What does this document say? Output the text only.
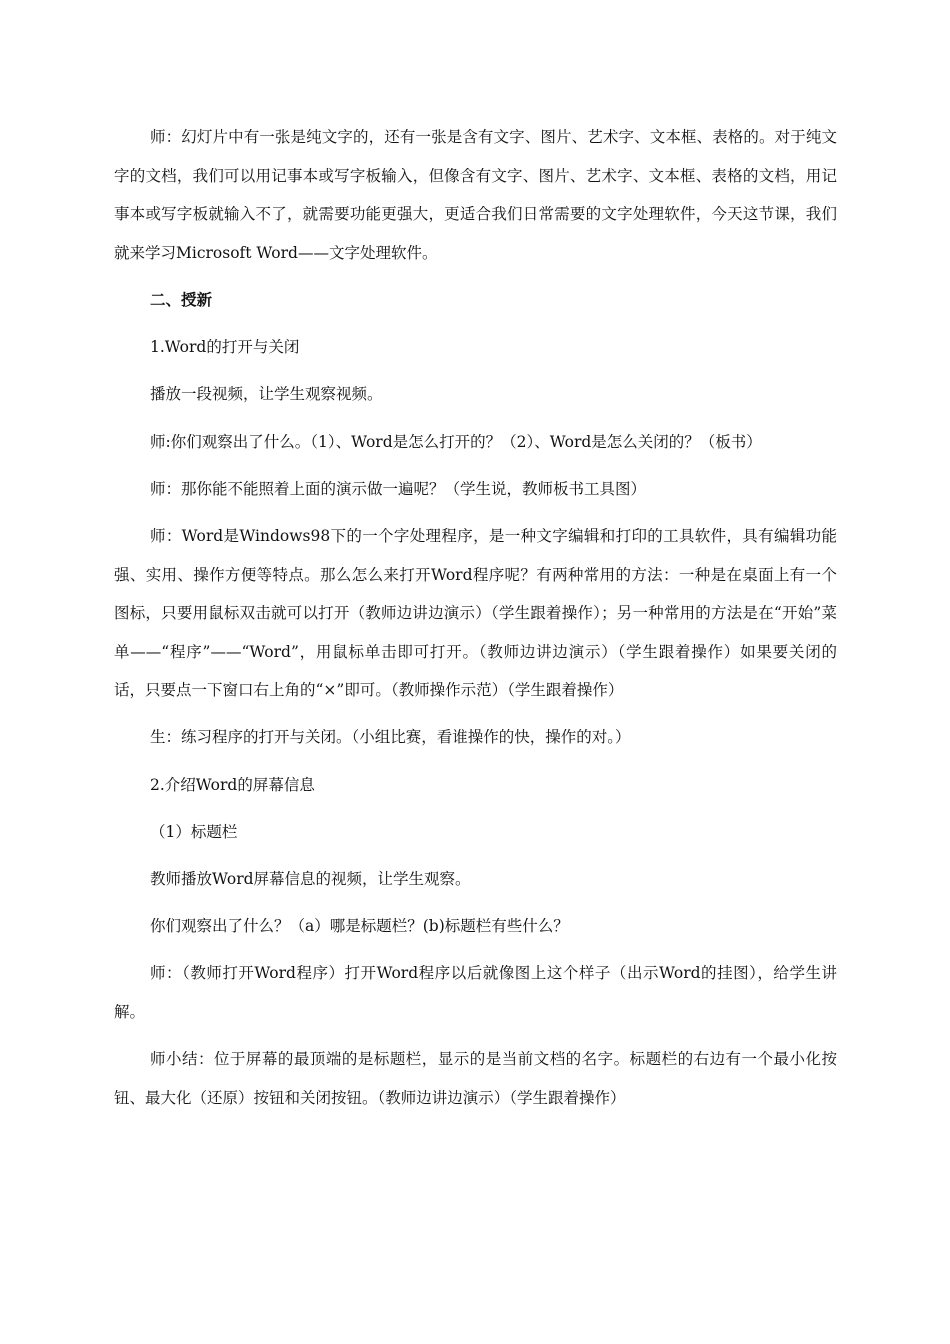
师：幻灯片中有一张是纯文字的，还有一张是含有文字、图片、艺术字、文本框、表格的。对于纯文字的文档，我们可以用记事本或写字板输入，但像含有文字、图片、艺术字、文本框、表格的文档，用记事本或写字板就输入不了，就需要功能更强大，更适合我们日常需要的文字处理软件，今天这节课，我们就来学习Microsoft Word——文字处理软件。

二、授新

1.Word的打开与关闭

播放一段视频，让学生观察视频。

师:你们观察出了什么。（1）、Word是怎么打开的？（2）、Word是怎么关闭的？（板书）

师：那你能不能照着上面的演示做一遍呢？（学生说，教师板书工具图）

师：Word是Windows98下的一个字处理程序，是一种文字编辑和打印的工具软件，具有编辑功能强、实用、操作方便等特点。那么怎么来打开Word程序呢？有两种常用的方法：一种是在桌面上有一个图标，只要用鼠标双击就可以打开（教师边讲边演示）（学生跟着操作）；另一种常用的方法是在“开始”菜单——“程序”——“Word”，用鼠标单击即可打开。（教师边讲边演示）（学生跟着操作）如果要关闭的话，只要点一下窗口右上角的“×”即可。（教师操作示范）（学生跟着操作）

生：练习程序的打开与关闭。（小组比赛，看谁操作的快，操作的对。）

2.介绍Word的屏幕信息

（1）标题栏

教师播放Word屏幕信息的视频，让学生观察。

你们观察出了什么？（a）哪是标题栏？(b)标题栏有些什么？

师：（教师打开Word程序）打开Word程序以后就像图上这个样子（出示Word的挂图），给学生讲解。

师小结：位于屏幕的最顶端的是标题栏，显示的是当前文档的名字。标题栏的右边有一个最小化按钮、最大化（还原）按钮和关闭按钮。（教师边讲边演示）（学生跟着操作）
